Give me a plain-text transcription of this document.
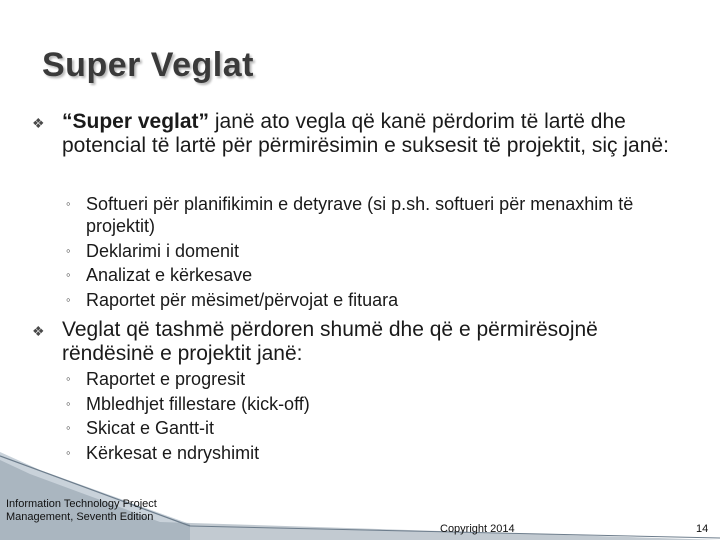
Super Veglat
❖ “Super veglat” janë ato vegla që kanë përdorim të lartë dhe potencial të lartë për përmirësimin e suksesit të projektit, siç janë:
◦ Softueri për planifikimin e detyrave (si p.sh. softueri për menaxhim të projektit)
◦ Deklarimi i domenit
◦ Analizat e kërkesave
◦ Raportet për mësimet/përvojat e fituara
❖ Veglat që tashmë përdoren shumë dhe që e përmirësojnë rëndësinë e projektit janë:
◦ Raportet e progresit
◦ Mbledhjet fillestare (kick-off)
◦ Skicat e Gantt-it
◦ Kërkesat e ndryshimit
Information Technology Project
Management, Seventh Edition
Copyright 2014	14
